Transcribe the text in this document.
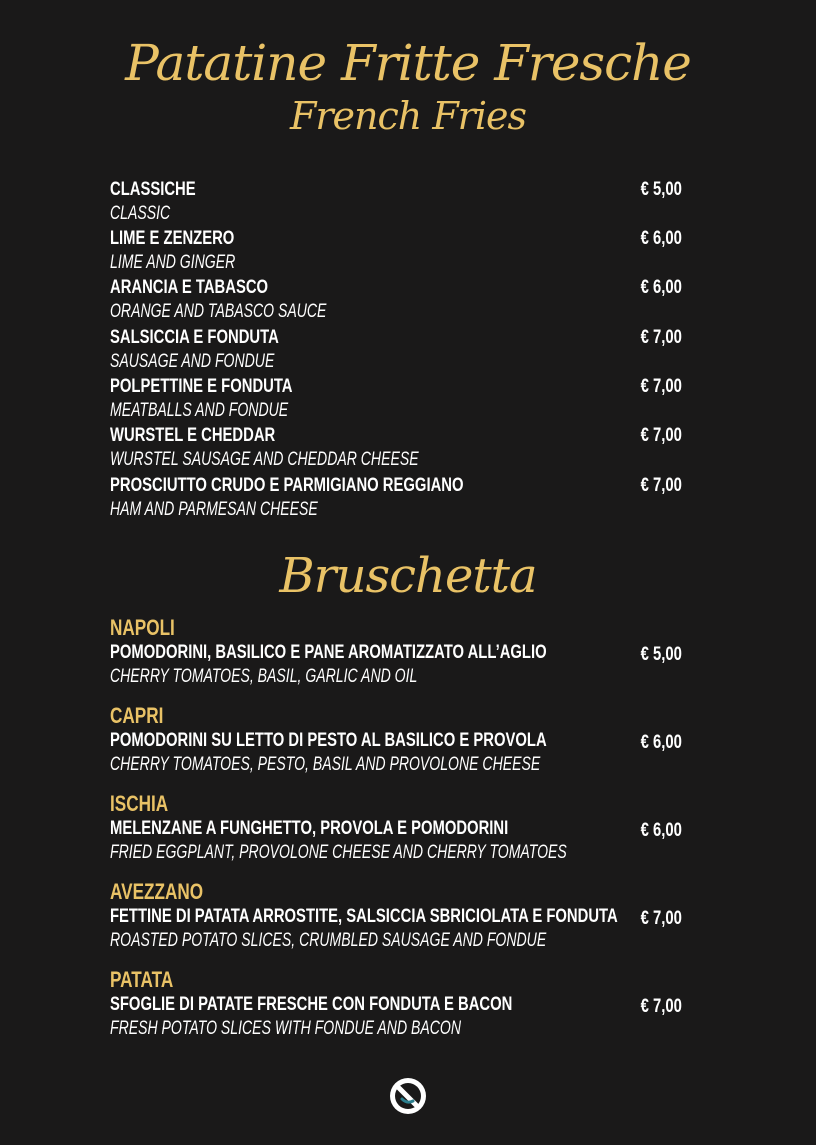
Patatine Fritte Fresche
French Fries
CLASSICHE
CLASSIC
€ 5,00
LIME E ZENZERO
LIME AND GINGER
€ 6,00
ARANCIA E TABASCO
ORANGE AND TABASCO SAUCE
€ 6,00
SALSICCIA E FONDUTA
SAUSAGE AND FONDUE
€ 7,00
POLPETTINE E FONDUTA
MEATBALLS AND FONDUE
€ 7,00
WURSTEL E CHEDDAR
WURSTEL SAUSAGE AND CHEDDAR CHEESE
€ 7,00
PROSCIUTTO CRUDO E PARMIGIANO REGGIANO
HAM AND PARMESAN CHEESE
€ 7,00
Bruschetta
NAPOLI
POMODORINI, BASILICO E PANE AROMATIZZATO ALL’AGLIO
CHERRY TOMATOES, BASIL, GARLIC AND OIL
€ 5,00
CAPRI
POMODORINI SU LETTO DI PESTO AL BASILICO E PROVOLA
CHERRY TOMATOES, PESTO, BASIL AND PROVOLONE CHEESE
€ 6,00
ISCHIA
MELENZANE A FUNGHETTO, PROVOLA E POMODORINI
FRIED EGGPLANT, PROVOLONE CHEESE AND CHERRY TOMATOES
€ 6,00
AVEZZANO
FETTINE DI PATATA ARROSTITE, SALSICCIA SBRICIOLATA E FONDUTA
ROASTED POTATO SLICES, CRUMBLED SAUSAGE AND FONDUE
€ 7,00
PATATA
SFOGLIE DI PATATE FRESCHE CON FONDUTA E BACON
FRESH POTATO SLICES WITH FONDUE AND BACON
€ 7,00
